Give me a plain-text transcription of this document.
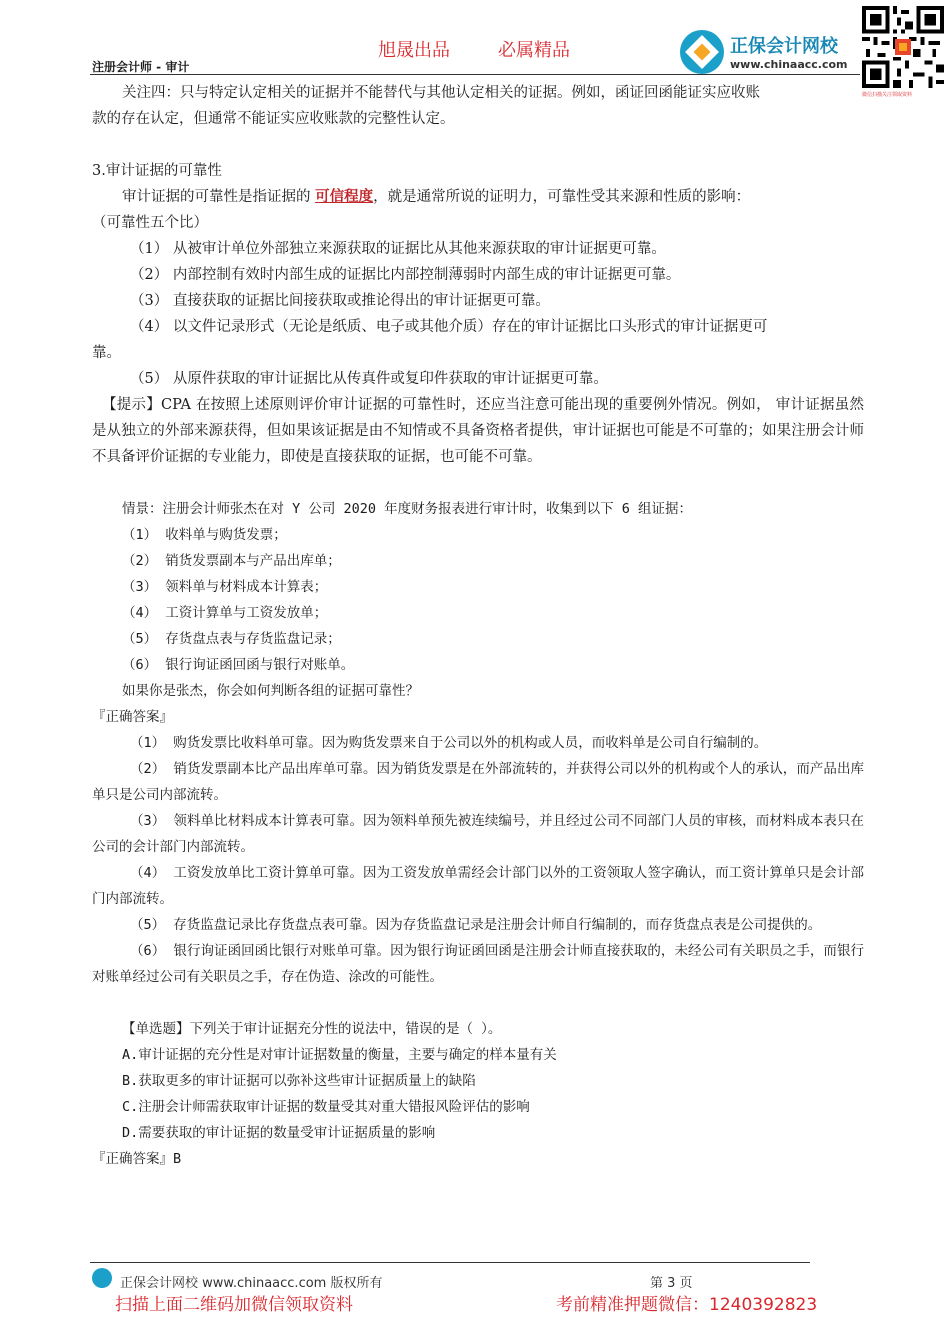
旭晟出品	必属精品
注册会计师 - 审计
正保会计网校
www.chinaacc.com
微信扫描关注领取资料
关注四：只与特定认定相关的证据并不能替代与其他认定相关的证据。例如，函证回函能证实应收账
款的存在认定，但通常不能证实应收账款的完整性认定。
3.审计证据的可靠性
审计证据的可靠性是指证据的 可信程度，就是通常所说的证明力，可靠性受其来源和性质的影响：
（可靠性五个比）
（1） 从被审计单位外部独立来源获取的证据比从其他来源获取的审计证据更可靠。
（2） 内部控制有效时内部生成的证据比内部控制薄弱时内部生成的审计证据更可靠。
（3） 直接获取的证据比间接获取或推论得出的审计证据更可靠。
（4） 以文件记录形式（无论是纸质、电子或其他介质）存在的审计证据比口头形式的审计证据更可
靠。
（5） 从原件获取的审计证据比从传真件或复印件获取的审计证据更可靠。
【提示】CPA 在按照上述原则评价审计证据的可靠性时，还应当注意可能出现的重要例外情况。例如， 审计证据虽然是从独立的外部来源获得，但如果该证据是由不知情或不具备资格者提供，审计证据也可能是不可靠的；如果注册会计师不具备评价证据的专业能力，即使是直接获取的证据，也可能不可靠。
情景：注册会计师张杰在对 Y 公司 2020 年度财务报表进行审计时，收集到以下 6 组证据：
（1） 收料单与购货发票；
（2） 销货发票副本与产品出库单；
（3） 领料单与材料成本计算表；
（4） 工资计算单与工资发放单；
（5） 存货盘点表与存货监盘记录；
（6） 银行询证函回函与银行对账单。
如果你是张杰，你会如何判断各组的证据可靠性？
『正确答案』
（1） 购货发票比收料单可靠。因为购货发票来自于公司以外的机构或人员，而收料单是公司自行编制的。
（2） 销货发票副本比产品出库单可靠。因为销货发票是在外部流转的，并获得公司以外的机构或个人的承认，而产品出库单只是公司内部流转。
（3） 领料单比材料成本计算表可靠。因为领料单预先被连续编号，并且经过公司不同部门人员的审核，而材料成本表只在公司的会计部门内部流转。
（4） 工资发放单比工资计算单可靠。因为工资发放单需经会计部门以外的工资领取人签字确认，而工资计算单只是会计部门内部流转。
（5） 存货监盘记录比存货盘点表可靠。因为存货监盘记录是注册会计师自行编制的，而存货盘点表是公司提供的。
（6） 银行询证函回函比银行对账单可靠。因为银行询证函回函是注册会计师直接获取的，未经公司有关职员之手，而银行对账单经过公司有关职员之手，存在伪造、涂改的可能性。
【单选题】下列关于审计证据充分性的说法中，错误的是（ ）。
A.审计证据的充分性是对审计证据数量的衡量，主要与确定的样本量有关
B.获取更多的审计证据可以弥补这些审计证据质量上的缺陷
C.注册会计师需获取审计证据的数量受其对重大错报风险评估的影响
D.需要获取的审计证据的数量受审计证据质量的影响
『正确答案』B
正保会计网校 www.chinaacc.com 版权所有	第 3 页
扫描上面二维码加微信领取资料	考前精准押题微信：1240392823
